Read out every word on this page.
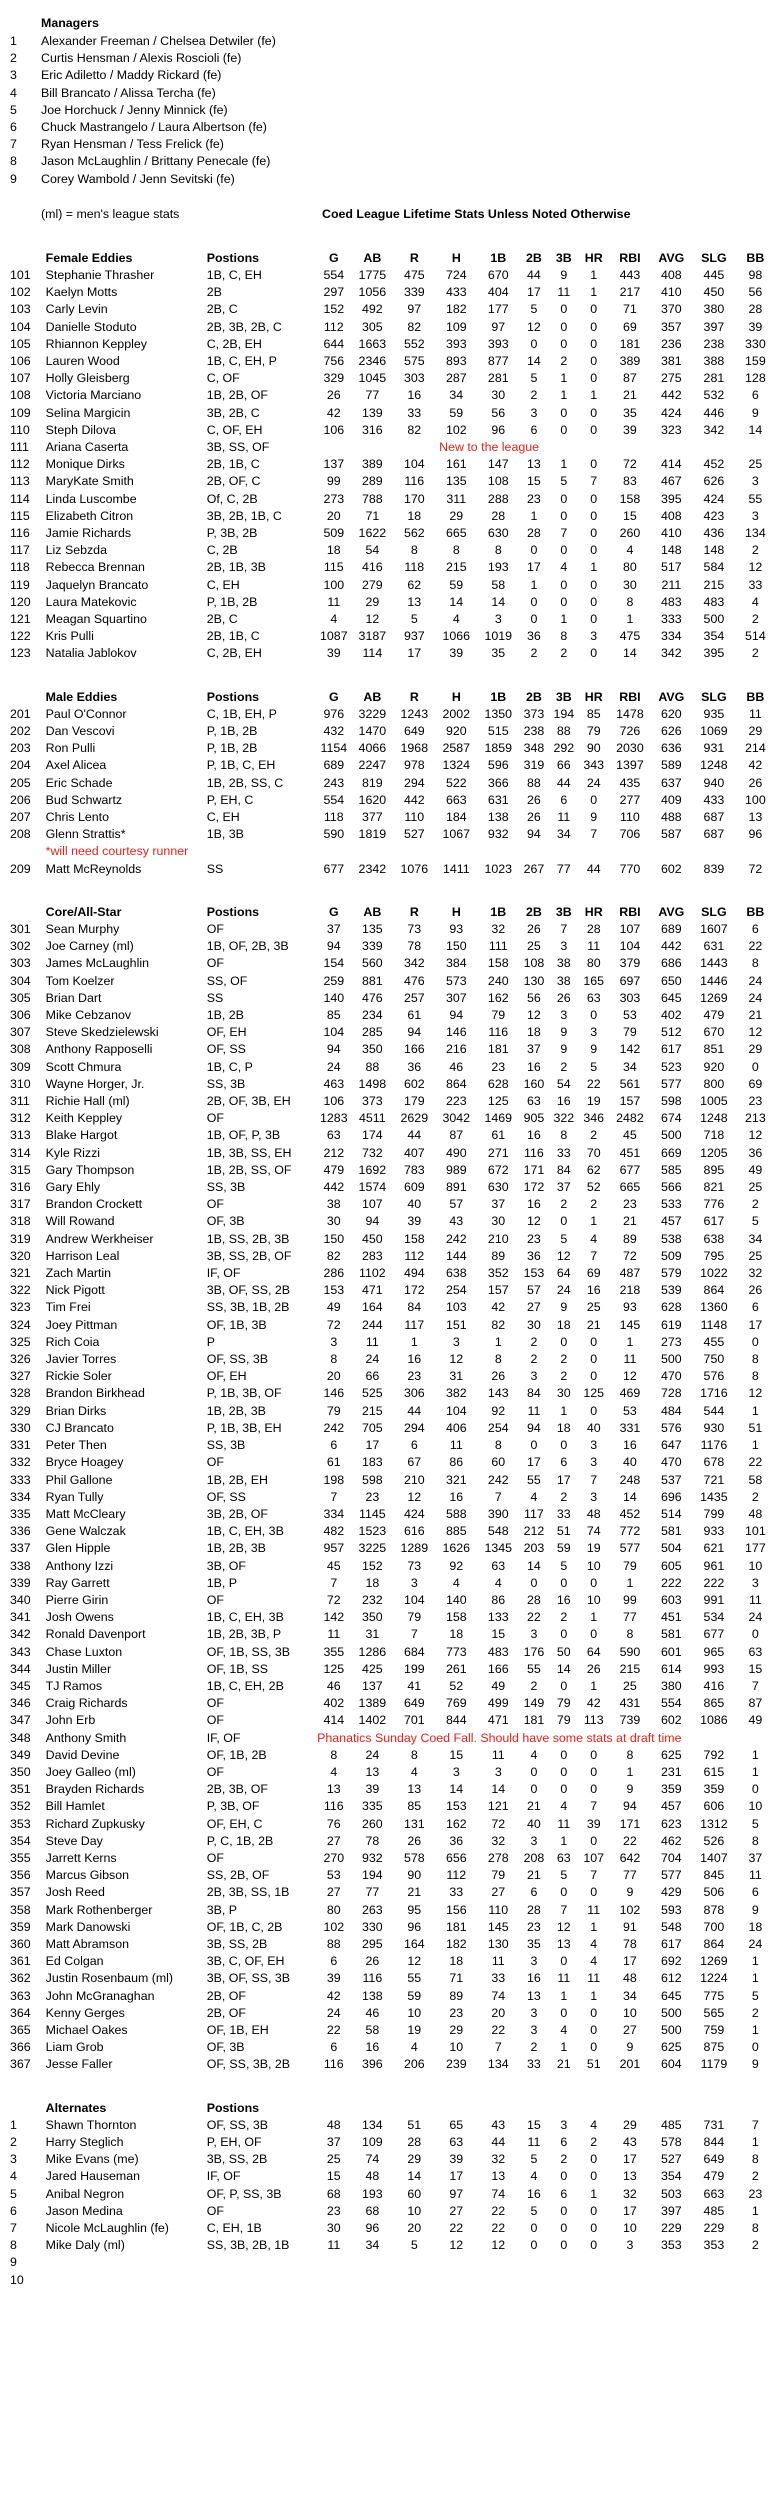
Managers
1 Alexander Freeman / Chelsea Detwiler (fe)
2 Curtis Hensman / Alexis Roscioli (fe)
3 Eric Adiletto / Maddy Rickard (fe)
4 Bill Brancato / Alissa Tercha (fe)
5 Joe Horchuck / Jenny Minnick (fe)
6 Chuck Mastrangelo / Laura Albertson (fe)
7 Ryan Hensman / Tess Frelick (fe)
8 Jason McLaughlin / Brittany Penecale (fe)
9 Corey Wambold / Jenn Sevitski (fe)
(ml) = men's league stats	Coed League Lifetime Stats Unless Noted Otherwise
	Female Eddies	Postions	G	AB	R	H	1B	2B	3B	HR	RBI	AVG	SLG	BB
101	Stephanie Thrasher	1B, C, EH	554	1775	475	724	670	44	9	1	443	408	445	98
102	Kaelyn Motts	2B	297	1056	339	433	404	17	11	1	217	410	450	56
103	Carly Levin	2B, C	152	492	97	182	177	5	0	0	71	370	380	28
104	Danielle Stoduto	2B, 3B, 2B, C	112	305	82	109	97	12	0	0	69	357	397	39
105	Rhiannon Keppley	C, 2B, EH	644	1663	552	393	393	0	0	0	181	236	238	330
106	Lauren Wood	1B, C, EH, P	756	2346	575	893	877	14	2	0	389	381	388	159
107	Holly Gleisberg	C, OF	329	1045	303	287	281	5	1	0	87	275	281	128
108	Victoria Marciano	1B, 2B, OF	26	77	16	34	30	2	1	1	21	442	532	6
109	Selina Margicin	3B, 2B, C	42	139	33	59	56	3	0	0	35	424	446	9
110	Steph Dilova	C, OF, EH	106	316	82	102	96	6	0	0	39	323	342	14
111	Ariana Caserta	3B, SS, OF	New to the league											
112	Monique Dirks	2B, 1B, C	137	389	104	161	147	13	1	0	72	414	452	25
113	MaryKate Smith	2B, OF, C	99	289	116	135	108	15	5	7	83	467	626	3
114	Linda Luscombe	Of, C, 2B	273	788	170	311	288	23	0	0	158	395	424	55
115	Elizabeth Citron	3B, 2B, 1B, C	20	71	18	29	28	1	0	0	15	408	423	3
116	Jamie Richards	P, 3B, 2B	509	1622	562	665	630	28	7	0	260	410	436	134
117	Liz Sebzda	C, 2B	18	54	8	8	8	0	0	0	4	148	148	2
118	Rebecca Brennan	2B, 1B, 3B	115	416	118	215	193	17	4	1	80	517	584	12
119	Jaquelyn Brancato	C, EH	100	279	62	59	58	1	0	0	30	211	215	33
120	Laura Matekovic	P, 1B, 2B	11	29	13	14	14	0	0	0	8	483	483	4
121	Meagan Squartino	2B, C	4	12	5	4	3	0	1	0	1	333	500	2
122	Kris Pulli	2B, 1B, C	1087	3187	937	1066	1019	36	8	3	475	334	354	514
123	Natalia Jablokov	C, 2B, EH	39	114	17	39	35	2	2	0	14	342	395	2
	Male Eddies	Postions	G	AB	R	H	1B	2B	3B	HR	RBI	AVG	SLG	BB
201	Paul O'Connor	C, 1B, EH, P	976	3229	1243	2002	1350	373	194	85	1478	620	935	11
202	Dan Vescovi	P, 1B, 2B	432	1470	649	920	515	238	88	79	726	626	1069	29
203	Ron Pulli	P, 1B, 2B	1154	4066	1968	2587	1859	348	292	90	2030	636	931	214
204	Axel Alicea	P, 1B, C, EH	689	2247	978	1324	596	319	66	343	1397	589	1248	42
205	Eric Schade	1B, 2B, SS, C	243	819	294	522	366	88	44	24	435	637	940	26
206	Bud Schwartz	P, EH, C	554	1620	442	663	631	26	6	0	277	409	433	100
207	Chris Lento	C, EH	118	377	110	184	138	26	11	9	110	488	687	13
208	Glenn Strattis*	1B, 3B	590	1819	527	1067	932	94	34	7	706	587	687	96
	*will need courtesy runner													
209	Matt McReynolds	SS	677	2342	1076	1411	1023	267	77	44	770	602	839	72
	Core/All-Star	Postions	G	AB	R	H	1B	2B	3B	HR	RBI	AVG	SLG	BB
301	Sean Murphy	OF	37	135	73	93	32	26	7	28	107	689	1607	6
302	Joe Carney (ml)	1B, OF, 2B, 3B	94	339	78	150	111	25	3	11	104	442	631	22
303	James McLaughlin	OF	154	560	342	384	158	108	38	80	379	686	1443	8
304	Tom Koelzer	SS, OF	259	881	476	573	240	130	38	165	697	650	1446	24
305	Brian Dart	SS	140	476	257	307	162	56	26	63	303	645	1269	24
306	Mike Cebzanov	1B, 2B	85	234	61	94	79	12	3	0	53	402	479	21
307	Steve Skedzielewski	OF, EH	104	285	94	146	116	18	9	3	79	512	670	12
308	Anthony Rapposelli	OF, SS	94	350	166	216	181	37	9	9	142	617	851	29
309	Scott Chmura	1B, C, P	24	88	36	46	23	16	2	5	34	523	920	0
310	Wayne Horger, Jr.	SS, 3B	463	1498	602	864	628	160	54	22	561	577	800	69
311	Richie Hall (ml)	2B, OF, 3B, EH	106	373	179	223	125	63	16	19	157	598	1005	23
312	Keith Keppley	OF	1283	4511	2629	3042	1469	905	322	346	2482	674	1248	213
313	Blake Hargot	1B, OF, P, 3B	63	174	44	87	61	16	8	2	45	500	718	12
314	Kyle Rizzi	1B, 3B, SS, EH	212	732	407	490	271	116	33	70	451	669	1205	36
315	Gary Thompson	1B, 2B, SS, OF	479	1692	783	989	672	171	84	62	677	585	895	49
316	Gary Ehly	SS, 3B	442	1574	609	891	630	172	37	52	665	566	821	25
317	Brandon Crockett	OF	38	107	40	57	37	16	2	2	23	533	776	2
318	Will Rowand	OF, 3B	30	94	39	43	30	12	0	1	21	457	617	5
319	Andrew Werkheiser	1B, SS, 2B, 3B	150	450	158	242	210	23	5	4	89	538	638	34
320	Harrison Leal	3B, SS, 2B, OF	82	283	112	144	89	36	12	7	72	509	795	25
321	Zach Martin	IF, OF	286	1102	494	638	352	153	64	69	487	579	1022	32
322	Nick Pigott	3B, OF, SS, 2B	153	471	172	254	157	57	24	16	218	539	864	26
323	Tim Frei	SS, 3B, 1B, 2B	49	164	84	103	42	27	9	25	93	628	1360	6
324	Joey Pittman	OF, 1B, 3B	72	244	117	151	82	30	18	21	145	619	1148	17
325	Rich Coia	P	3	11	1	3	1	2	0	0	1	273	455	0
326	Javier Torres	OF, SS, 3B	8	24	16	12	8	2	2	0	11	500	750	8
327	Rickie Soler	OF, EH	20	66	23	31	26	3	2	0	12	470	576	8
328	Brandon Birkhead	P, 1B, 3B, OF	146	525	306	382	143	84	30	125	469	728	1716	12
329	Brian Dirks	1B, 2B, 3B	79	215	44	104	92	11	1	0	53	484	544	1
330	CJ Brancato	P, 1B, 3B, EH	242	705	294	406	254	94	18	40	331	576	930	51
331	Peter Then	SS, 3B	6	17	6	11	8	0	0	3	16	647	1176	1
332	Bryce Hoagey	OF	61	183	67	86	60	17	6	3	40	470	678	22
333	Phil Gallone	1B, 2B, EH	198	598	210	321	242	55	17	7	248	537	721	58
334	Ryan Tully	OF, SS	7	23	12	16	7	4	2	3	14	696	1435	2
335	Matt McCleary	3B, 2B, OF	334	1145	424	588	390	117	33	48	452	514	799	48
336	Gene Walczak	1B, C, EH, 3B	482	1523	616	885	548	212	51	74	772	581	933	101
337	Glen Hipple	1B, 2B, 3B	957	3225	1289	1626	1345	203	59	19	577	504	621	177
338	Anthony Izzi	3B, OF	45	152	73	92	63	14	5	10	79	605	961	10
339	Ray Garrett	1B, P	7	18	3	4	4	0	0	0	1	222	222	3
340	Pierre Girin	OF	72	232	104	140	86	28	16	10	99	603	991	11
341	Josh Owens	1B, C, EH, 3B	142	350	79	158	133	22	2	1	77	451	534	24
342	Ronald Davenport	1B, 2B, 3B, P	11	31	7	18	15	3	0	0	8	581	677	0
343	Chase Luxton	OF, 1B, SS, 3B	355	1286	684	773	483	176	50	64	590	601	965	63
344	Justin Miller	OF, 1B, SS	125	425	199	261	166	55	14	26	215	614	993	15
345	TJ Ramos	1B, C, EH, 2B	46	137	41	52	49	2	0	1	25	380	416	7
346	Craig Richards	OF	402	1389	649	769	499	149	79	42	431	554	865	87
347	John Erb	OF	414	1402	701	844	471	181	79	113	739	602	1086	49
348	Anthony Smith	IF, OF	Phanatics Sunday Coed Fall. Should have some stats at draft time											
349	David Devine	OF, 1B, 2B	8	24	8	15	11	4	0	0	8	625	792	1
350	Joey Galleo (ml)	OF	4	13	4	3	3	0	0	0	1	231	615	1
351	Brayden Richards	2B, 3B, OF	13	39	13	14	14	0	0	0	9	359	359	0
352	Bill Hamlet	P, 3B, OF	116	335	85	153	121	21	4	7	94	457	606	10
353	Richard Zupkusky	OF, EH, C	76	260	131	162	72	40	11	39	171	623	1312	5
354	Steve Day	P, C, 1B, 2B	27	78	26	36	32	3	1	0	22	462	526	8
355	Jarrett Kerns	OF	270	932	578	656	278	208	63	107	642	704	1407	37
356	Marcus Gibson	SS, 2B, OF	53	194	90	112	79	21	5	7	77	577	845	11
357	Josh Reed	2B, 3B, SS, 1B	27	77	21	33	27	6	0	0	9	429	506	6
358	Mark Rothenberger	3B, P	80	263	95	156	110	28	7	11	102	593	878	9
359	Mark Danowski	OF, 1B, C, 2B	102	330	96	181	145	23	12	1	91	548	700	18
360	Matt Abramson	3B, SS, 2B	88	295	164	182	130	35	13	4	78	617	864	24
361	Ed Colgan	3B, C, OF, EH	6	26	12	18	11	3	0	4	17	692	1269	1
362	Justin Rosenbaum (ml)	3B, OF, SS, 3B	39	116	55	71	33	16	11	11	48	612	1224	1
363	John McGranaghan	2B, OF	42	138	59	89	74	13	1	1	34	645	775	5
364	Kenny Gerges	2B, OF	24	46	10	23	20	3	0	0	10	500	565	2
365	Michael Oakes	OF, 1B, EH	22	58	19	29	22	3	4	0	27	500	759	1
366	Liam Grob	OF, 3B	6	16	4	10	7	2	1	0	9	625	875	0
367	Jesse Faller	OF, SS, 3B, 2B	116	396	206	239	134	33	21	51	201	604	1179	9
	Alternates	Postions												
1	Shawn Thornton	OF, SS, 3B	48	134	51	65	43	15	3	4	29	485	731	7
2	Harry Steglich	P, EH, OF	37	109	28	63	44	11	6	2	43	578	844	1
3	Mike Evans (me)	3B, SS, 2B	25	74	29	39	32	5	2	0	17	527	649	8
4	Jared Hauseman	IF, OF	15	48	14	17	13	4	0	0	13	354	479	2
5	Anibal Negron	OF, P, SS, 3B	68	193	60	97	74	16	6	1	32	503	663	23
6	Jason Medina	OF	23	68	10	27	22	5	0	0	17	397	485	1
7	Nicole McLaughlin (fe)	C, EH, 1B	30	96	20	22	22	0	0	0	10	229	229	8
8	Mike Daly (ml)	SS, 3B, 2B, 1B	11	34	5	12	12	0	0	0	3	353	353	2
9														
10														
